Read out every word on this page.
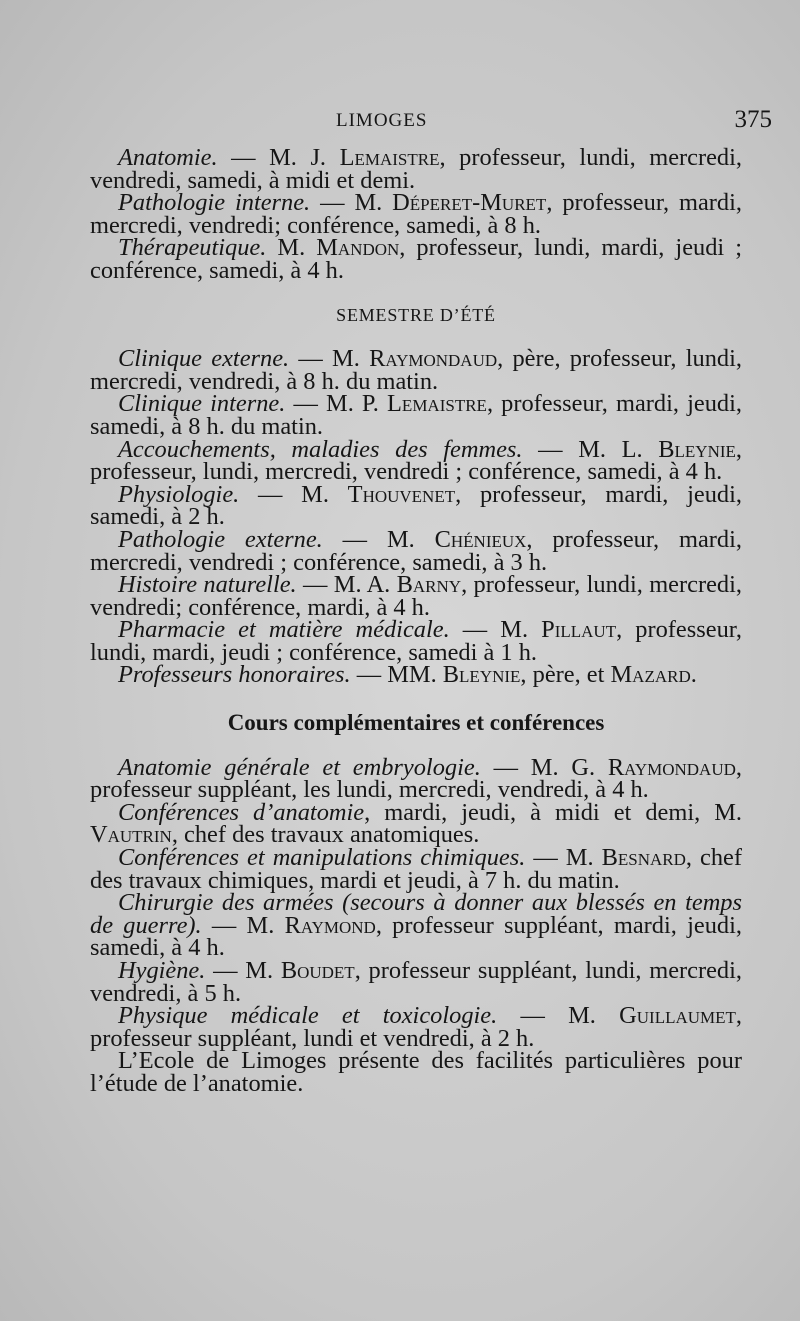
LIMOGES	375

Anatomie. — M. J. Lemaistre, professeur, lundi, mercredi, vendredi, samedi, à midi et demi.

Pathologie interne. — M. Déperet-Muret, professeur, mardi, mercredi, vendredi; conférence, samedi, à 8 h.

Thérapeutique. M. Mandon, professeur, lundi, mardi, jeudi ; conférence, samedi, à 4 h.

SEMESTRE D’ÉTÉ

Clinique externe. — M. Raymondaud, père, professeur, lundi, mercredi, vendredi, à 8 h. du matin.

Clinique interne. — M. P. Lemaistre, professeur, mardi, jeudi, samedi, à 8 h. du matin.

Accouchements, maladies des femmes. — M. L. Bleynie, professeur, lundi, mercredi, vendredi ; conférence, samedi, à 4 h.

Physiologie. — M. Thouvenet, professeur, mardi, jeudi, samedi, à 2 h.

Pathologie externe. — M. Chénieux, professeur, mardi, mercredi, vendredi ; conférence, samedi, à 3 h.

Histoire naturelle. — M. A. Barny, professeur, lundi, mercredi, vendredi; conférence, mardi, à 4 h.

Pharmacie et matière médicale. — M. Pillaut, professeur, lundi, mardi, jeudi ; conférence, samedi à 1 h.

Professeurs honoraires. — MM. Bleynie, père, et Mazard.

Cours complémentaires et conférences

Anatomie générale et embryologie. — M. G. Raymondaud, professeur suppléant, les lundi, mercredi, vendredi, à 4 h.

Conférences d’anatomie, mardi, jeudi, à midi et demi, M. Vautrin, chef des travaux anatomiques.

Conférences et manipulations chimiques. — M. Besnard, chef des travaux chimiques, mardi et jeudi, à 7 h. du matin.

Chirurgie des armées (secours à donner aux blessés en temps de guerre). — M. Raymond, professeur suppléant, mardi, jeudi, samedi, à 4 h.

Hygiène. — M. Boudet, professeur suppléant, lundi, mercredi, vendredi, à 5 h.

Physique médicale et toxicologie. — M. Guillaumet, professeur suppléant, lundi et vendredi, à 2 h.

L’Ecole de Limoges présente des facilités particulières pour l’étude de l’anatomie.
